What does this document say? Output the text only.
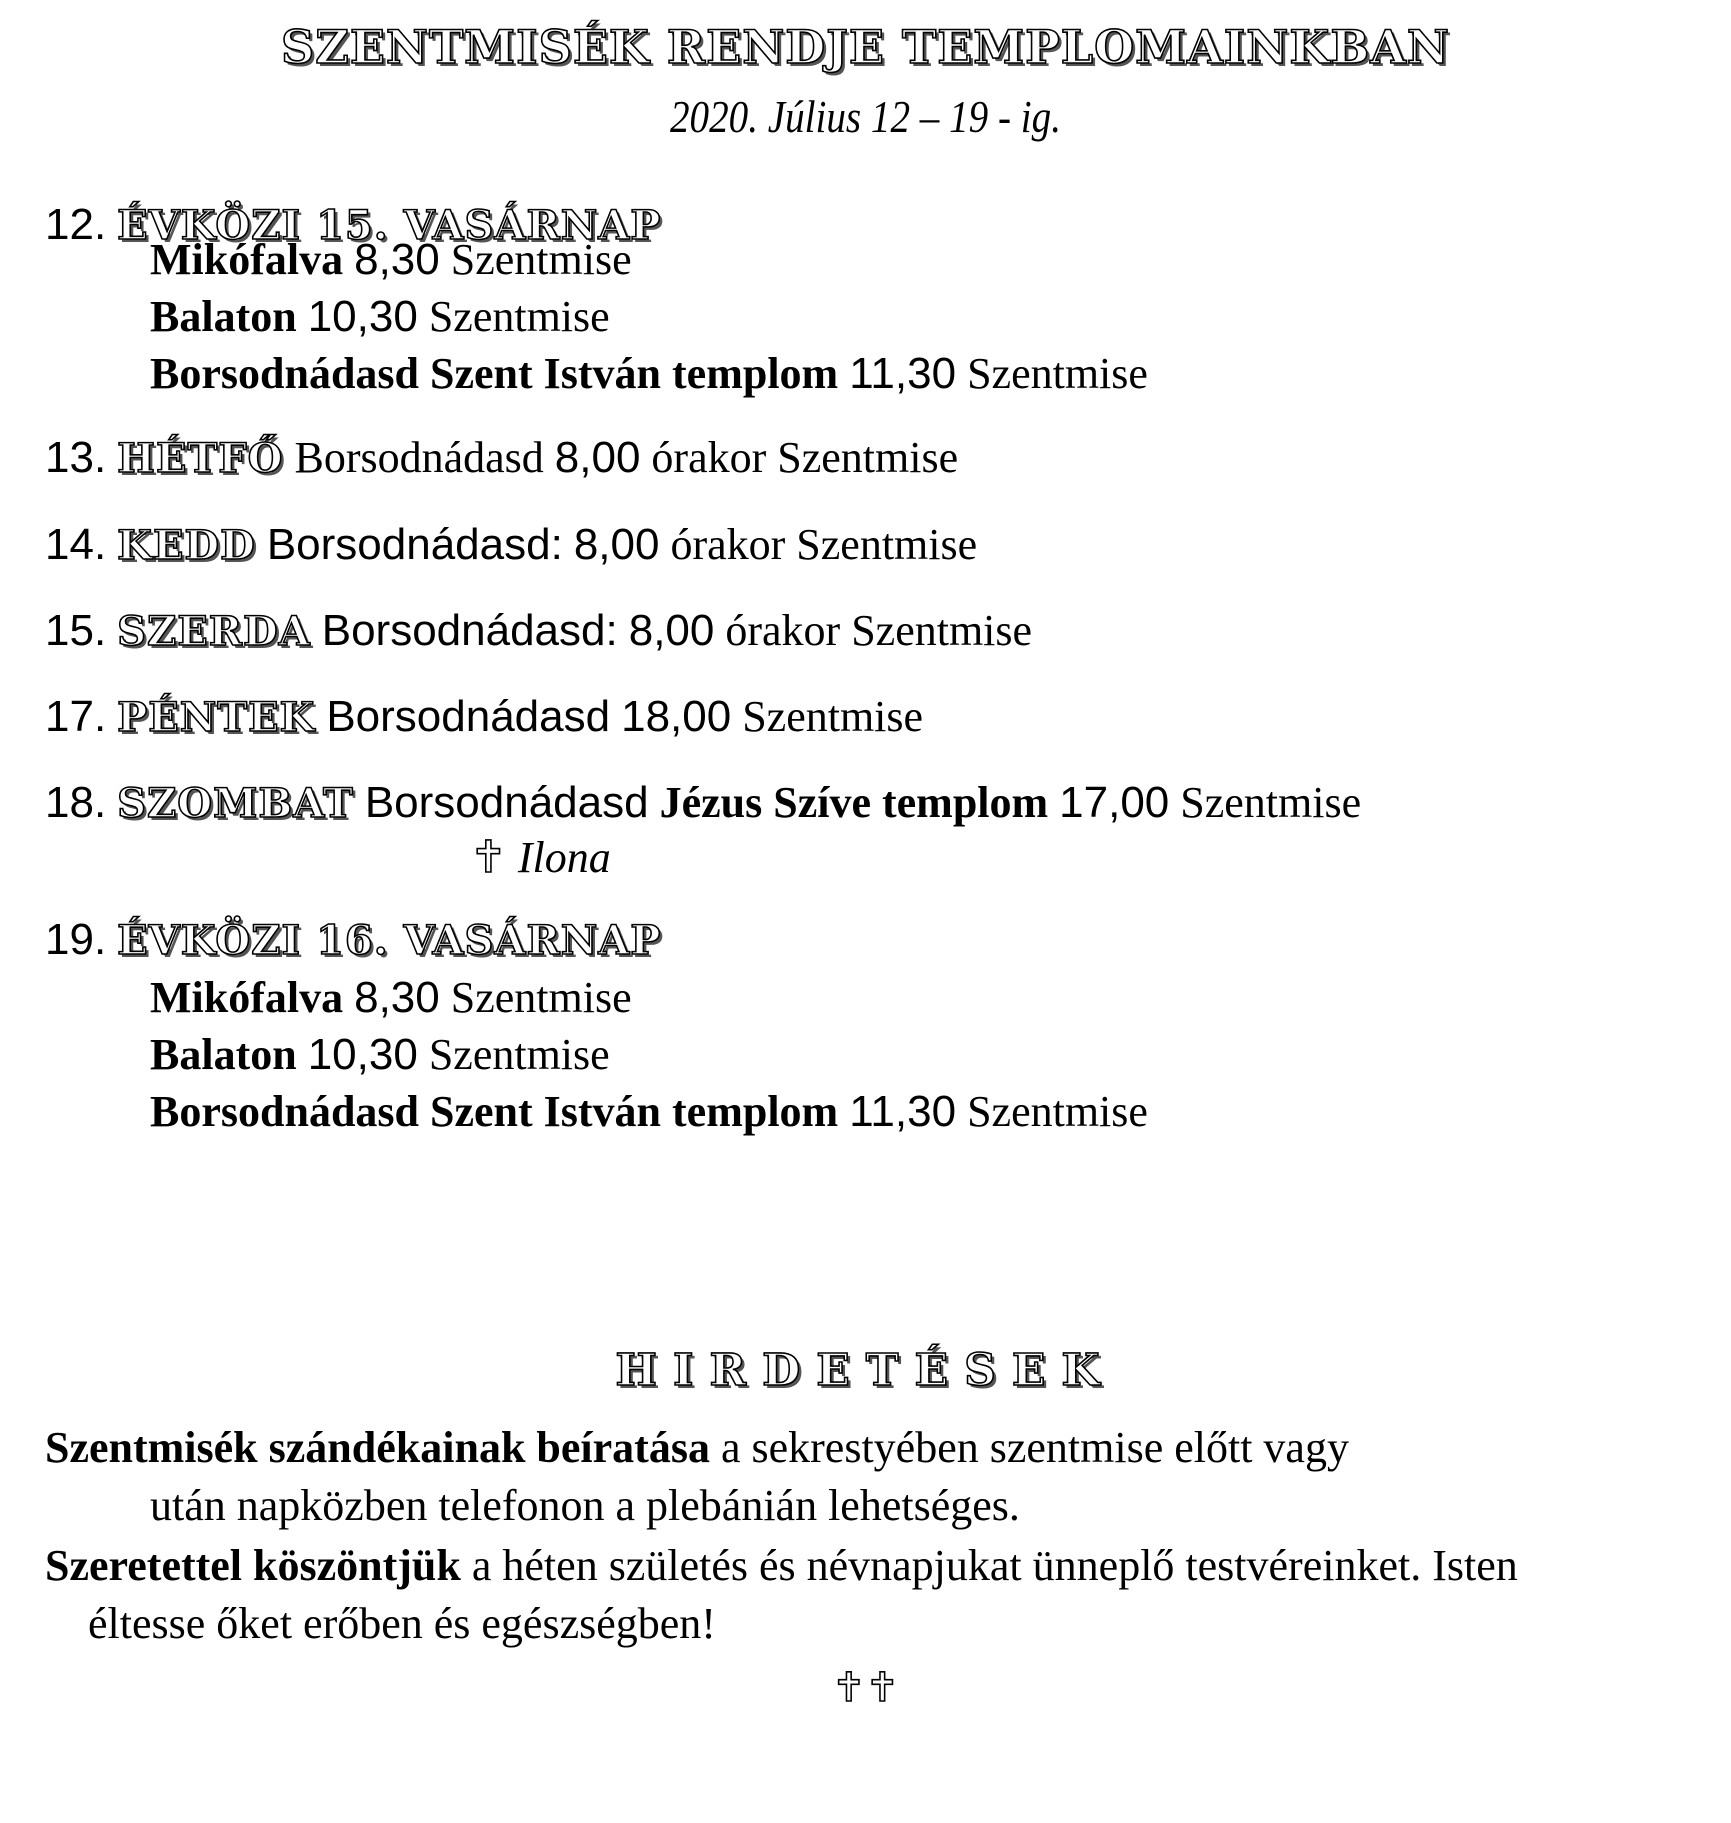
SZENTMISÉK RENDJE TEMPLOMAINKBAN
2020. Július 12 – 19 - ig.
12. ÉVKÖZI 15. VASÁRNAP
Mikófalva 8,30 Szentmise
Balaton 10,30 Szentmise
Borsodnádasd Szent István templom 11,30 Szentmise
13. HÉTFŐ Borsodnádasd 8,00 órakor Szentmise
14. KEDD Borsodnádasd: 8,00 órakor Szentmise
15. SZERDA Borsodnádasd: 8,00 órakor Szentmise
17. PÉNTEK Borsodnádasd 18,00 Szentmise
18. SZOMBAT Borsodnádasd Jézus Szíve templom 17,00 Szentmise
✝ Ilona
19. ÉVKÖZI 16. VASÁRNAP
Mikófalva 8,30 Szentmise
Balaton 10,30 Szentmise
Borsodnádasd Szent István templom 11,30 Szentmise
HIRDETÉSEK
Szentmisék szándékainak beíratása a sekrestyében szentmise előtt vagy
után napközben telefonon a plebánián lehetséges.
Szeretettel köszöntjük a héten születés és névnapjukat ünneplő testvéreinket. Isten
éltesse őket erőben és egészségben!
✝✝
